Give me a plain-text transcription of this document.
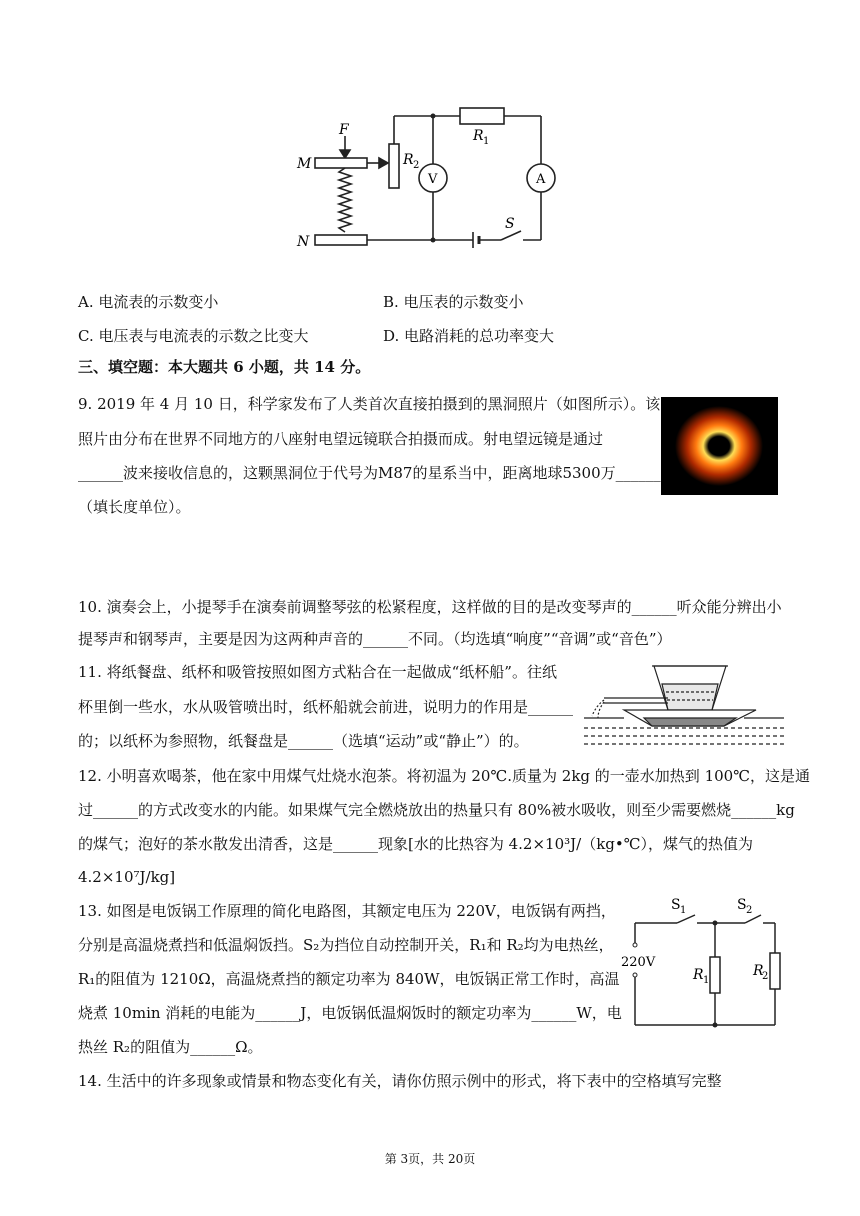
F
M
N
R 2
R 1
V	A
S
A. 电流表的示数变小	B. 电压表的示数变小
C. 电压表与电流表的示数之比变大	D. 电路消耗的总功率变大
三、填空题：本大题共 6 小题，共 14 分。
9. 2019 年 4 月 10 日，科学家发布了人类首次直接拍摄到的黑洞照片（如图所示）。该
照片由分布在世界不同地方的八座射电望远镜联合拍摄而成。射电望远镜是通过
______波来接收信息的，这颗黑洞位于代号为M87的星系当中，距离地球5300万______
（填长度单位）。
10. 演奏会上，小提琴手在演奏前调整琴弦的松紧程度，这样做的目的是改变琴声的______听众能分辨出小
提琴声和钢琴声，主要是因为这两种声音的______不同。（均选填“响度”“音调”或“音色”）
11. 将纸餐盘、纸杯和吸管按照如图方式粘合在一起做成“纸杯船”。往纸
杯里倒一些水，水从吸管喷出时，纸杯船就会前进，说明力的作用是______
的；以纸杯为参照物，纸餐盘是______（选填“运动”或“静止”）的。
12. 小明喜欢喝茶，他在家中用煤气灶烧水泡茶。将初温为 20℃.质量为 2kg 的一壶水加热到 100℃，这是通
过______的方式改变水的内能。如果煤气完全燃烧放出的热量只有 80%被水吸收，则至少需要燃烧______kg
的煤气；泡好的茶水散发出清香，这是______现象[水的比热容为 4.2×10³J/（kg•℃），煤气的热值为
4.2×10⁷J/kg]
13. 如图是电饭锅工作原理的简化电路图，其额定电压为 220V，电饭锅有两挡，
分别是高温烧煮挡和低温焖饭挡。S₂为挡位自动控制开关，R₁和 R₂均为电热丝，
R₁的阻值为 1210Ω，高温烧煮挡的额定功率为 840W，电饭锅正常工作时，高温
烧煮 10min 消耗的电能为______J，电饭锅低温焖饭时的额定功率为______W，电
热丝 R₂的阻值为______Ω。
S 1	S 2
220V
R 1
R
2
14. 生活中的许多现象或情景和物态变化有关，请你仿照示例中的形式，将下表中的空格填写完整
第 3页，共 20页
